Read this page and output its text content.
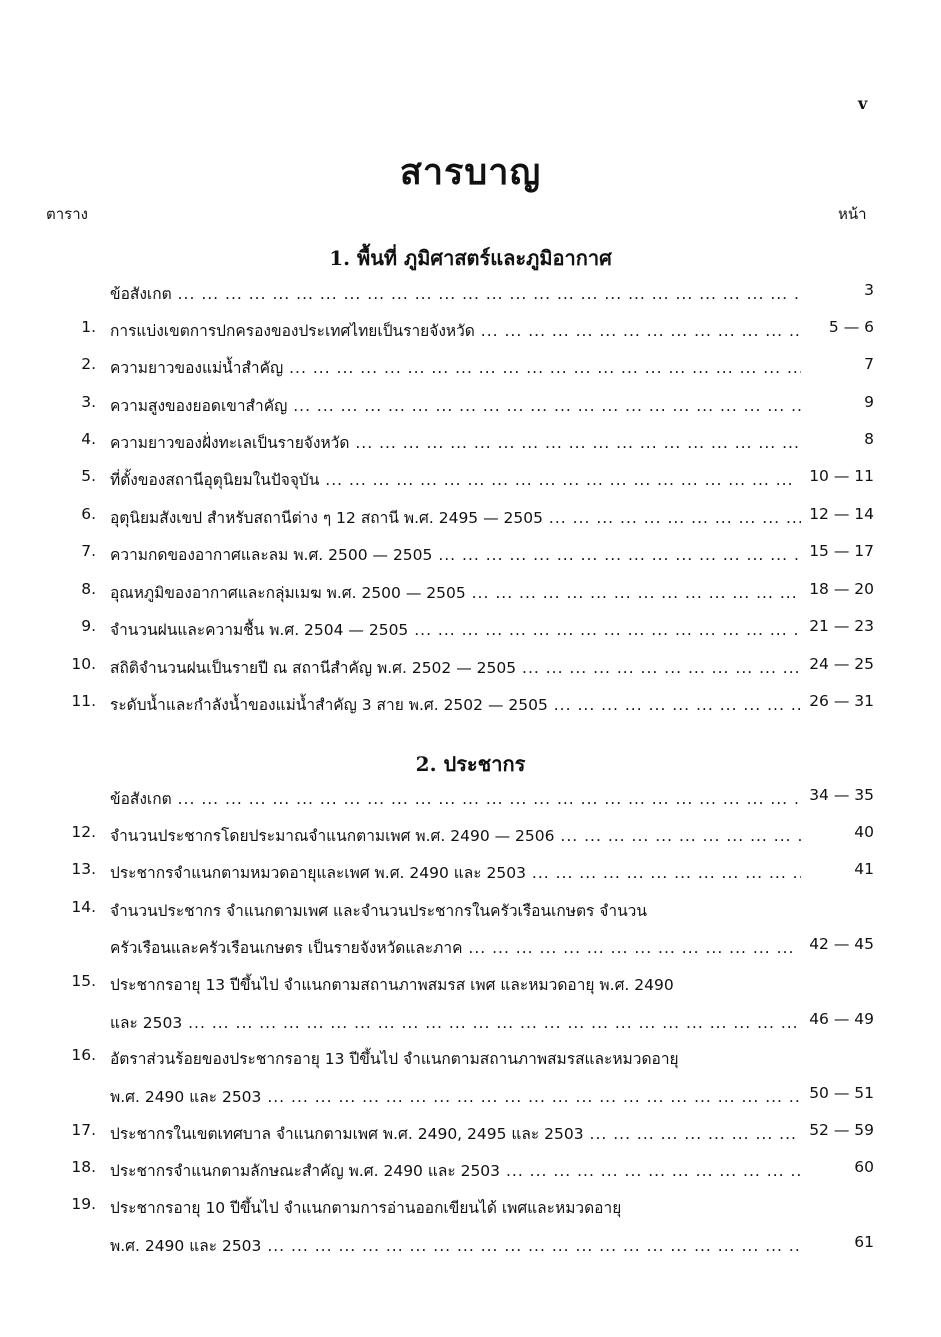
v
สารบาญ
ตาราง	หน้า
1. พื้นที่ ภูมิศาสตร์และภูมิอากาศ
2. ประชากร
ข้อสังเกต ... .	3
1. การแบ่งเขตการปกครองของประเทศไทยเป็นรายจังหวัด ... .	5 — 6
2. ความยาวของแม่น้ำสำคัญ ... .	7
3. ความสูงของยอดเขาสำคัญ ... .	9
4. ความยาวของฝั่งทะเลเป็นรายจังหวัด ... .	8
5. ที่ตั้งของสถานีอุตุนิยมในปัจจุบัน ... .	10 — 11
6. อุตุนิยมสังเขป สำหรับสถานีต่าง ๆ 12 สถานี พ.ศ. 2495 — 2505 ... .	12 — 14
7. ความกดของอากาศและลม พ.ศ. 2500 — 2505 ... .	15 — 17
8. อุณหภูมิของอากาศและกลุ่มเมฆ พ.ศ. 2500 — 2505 ... .	18 — 20
9. จำนวนฝนและความชื้น พ.ศ. 2504 — 2505 ... .	21 — 23
10. สถิติจำนวนฝนเป็นรายปี ณ สถานีสำคัญ พ.ศ. 2502 — 2505 ... .	24 — 25
11. ระดับน้ำและกำลังน้ำของแม่น้ำสำคัญ 3 สาย พ.ศ. 2502 — 2505 ... .	26 — 31
ข้อสังเกต ... .	34 — 35
12. จำนวนประชากรโดยประมาณจำแนกตามเพศ พ.ศ. 2490 — 2506 ... .	40
13. ประชากรจำแนกตามหมวดอายุและเพศ พ.ศ. 2490 และ 2503 ... .	41
14. จำนวนประชากร จำแนกตามเพศ และจำนวนประชากรในครัวเรือนเกษตร จำนวน
ครัวเรือนและครัวเรือนเกษตร เป็นรายจังหวัดและภาค ... .	42 — 45
15. ประชากรอายุ 13 ปีขึ้นไป จำแนกตามสถานภาพสมรส เพศ และหมวดอายุ พ.ศ. 2490
และ 2503 ... .	46 — 49
16. อัตราส่วนร้อยของประชากรอายุ 13 ปีขึ้นไป จำแนกตามสถานภาพสมรสและหมวดอายุ
พ.ศ. 2490 และ 2503 ... .	50 — 51
17. ประชากรในเขตเทศบาล จำแนกตามเพศ พ.ศ. 2490, 2495 และ 2503 ... .	52 — 59
18. ประชากรจำแนกตามลักษณะสำคัญ พ.ศ. 2490 และ 2503 ... .	60
19. ประชากรอายุ 10 ปีขึ้นไป จำแนกตามการอ่านออกเขียนได้ เพศและหมวดอายุ
พ.ศ. 2490 และ 2503 ... .	61
